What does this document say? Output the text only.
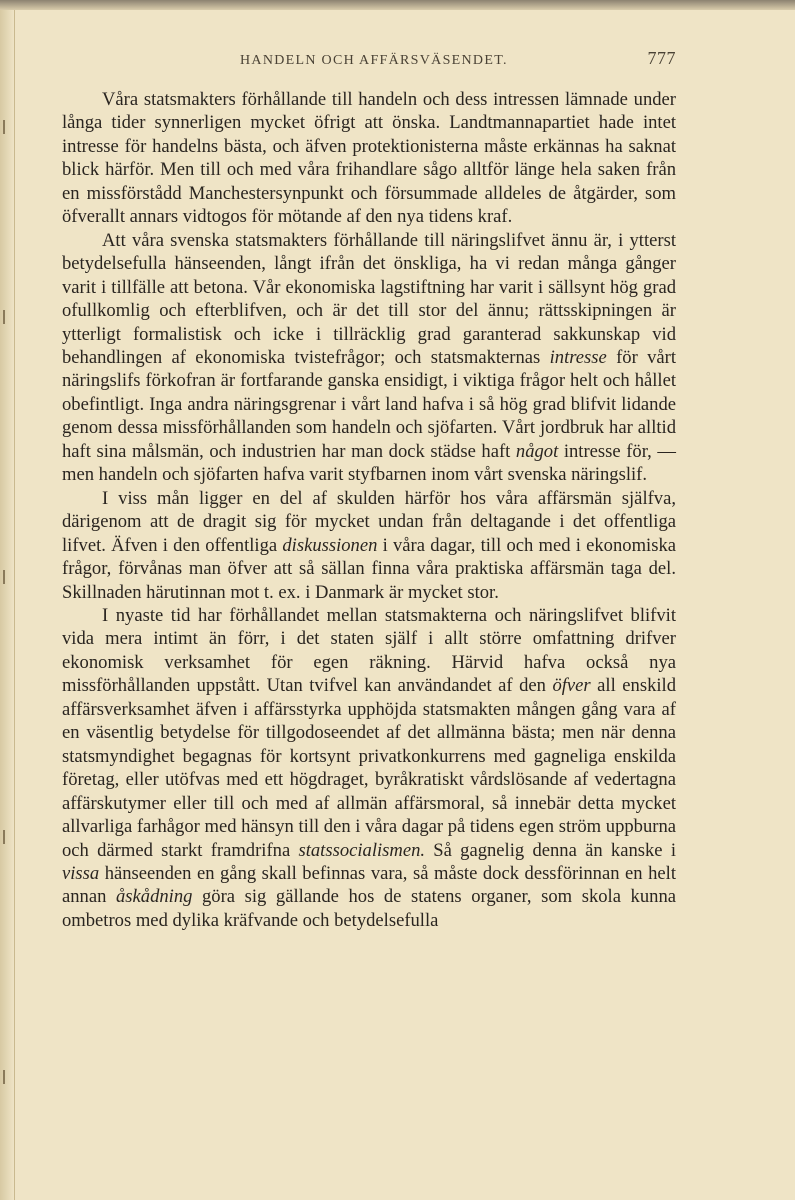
HANDELN OCH AFFÄRSVÄSENDET.	777

Våra statsmakters förhållande till handeln och dess intressen lämnade under långa tider synnerligen mycket öfrigt att önska. Landtmannapartiet hade intet intresse för handelns bästa, och äfven protektionisterna måste erkännas ha saknat blick härför. Men till och med våra frihandlare sågo alltför länge hela saken från en missförstådd Manchestersynpunkt och försummade alldeles de åtgärder, som öfverallt annars vidtogos för mötande af den nya tidens kraf.

Att våra svenska statsmakters förhållande till näringslifvet ännu är, i ytterst betydelsefulla hänseenden, långt ifrån det önskliga, ha vi redan många gånger varit i tillfälle att betona. Vår ekonomiska lagstiftning har varit i sällsynt hög grad ofullkomlig och efterblifven, och är det till stor del ännu; rättsskipningen är ytterligt formalistisk och icke i tillräcklig grad garanterad sakkunskap vid behandlingen af ekonomiska tvistefrågor; och statsmakternas intresse för vårt näringslifs förkofran är fortfarande ganska ensidigt, i viktiga frågor helt och hållet obefintligt. Inga andra näringsgrenar i vårt land hafva i så hög grad blifvit lidande genom dessa missförhållanden som handeln och sjöfarten. Vårt jordbruk har alltid haft sina målsmän, och industrien har man dock städse haft något intresse för, — men handeln och sjöfarten hafva varit styfbarnen inom vårt svenska näringslif.

I viss mån ligger en del af skulden härför hos våra affärsmän själfva, därigenom att de dragit sig för mycket undan från deltagande i det offentliga lifvet. Äfven i den offentliga diskussionen i våra dagar, till och med i ekonomiska frågor, förvånas man öfver att så sällan finna våra praktiska affärsmän taga del. Skillnaden härutinnan mot t. ex. i Danmark är mycket stor.

I nyaste tid har förhållandet mellan statsmakterna och näringslifvet blifvit vida mera intimt än förr, i det staten själf i allt större omfattning drifver ekonomisk verksamhet för egen räkning. Härvid hafva också nya missförhållanden uppstått. Utan tvifvel kan användandet af den öfver all enskild affärsverksamhet äfven i affärsstyrka upphöjda statsmakten mången gång vara af en väsentlig betydelse för tillgodoseendet af det allmänna bästa; men när denna statsmyndighet begagnas för kortsynt privatkonkurrens med gagneliga enskilda företag, eller utöfvas med ett högdraget, byråkratiskt vårdslösande af vedertagna affärskutymer eller till och med af allmän affärsmoral, så innebär detta mycket allvarliga farhågor med hänsyn till den i våra dagar på tidens egen ström uppburna och därmed starkt framdrifna statssocialismen. Så gagnelig denna än kanske i vissa hänseenden en gång skall befinnas vara, så måste dock dessförinnan en helt annan åskådning göra sig gällande hos de statens organer, som skola kunna ombetros med dylika kräfvande och betydelsefulla
